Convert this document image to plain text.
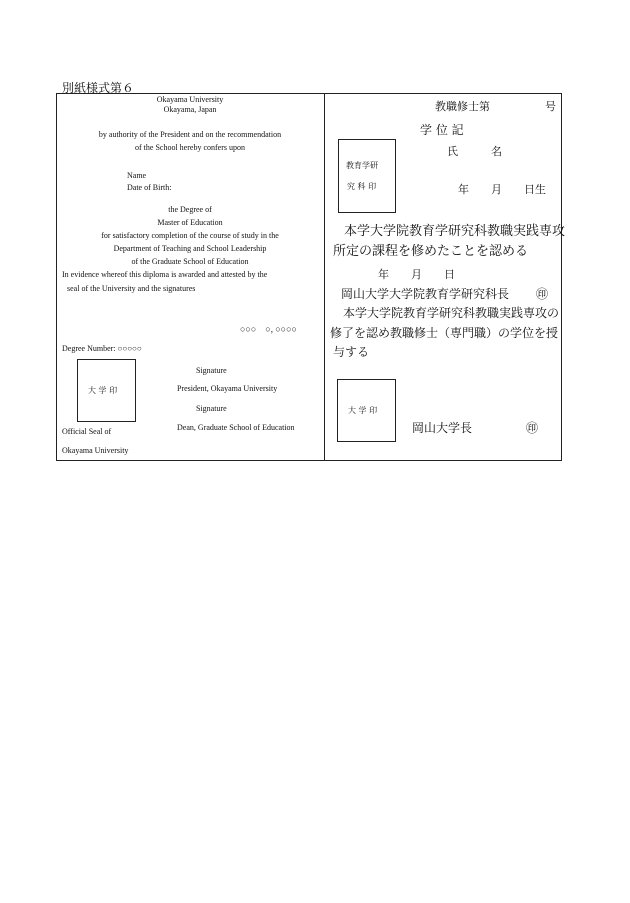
別紙様式第６
Okayama University
Okayama, Japan
by authority of the President and on the recommendation
of the School hereby confers upon
Name
Date of Birth:
the Degree of
Master of Education
for satisfactory completion of the course of study in the
Department of Teaching and School Leadership
of the Graduate School of Education
In evidence whereof this diploma is awarded and attested by the
seal of the University and the signatures
○○○　○, ○○○○
Degree Number: ○○○○○
大 学 印
Signature
President, Okayama University
Signature
Dean, Graduate School of Education
Official Seal of
Okayama University
教職修士第　　　　　号
学 位 記
氏　　　名
教育学研
究 科 印	年　　月　　日生
本学大学院教育学研究科教職実践専攻
所定の課程を修めたことを認める
年　　月　　日
岡山大学大学院教育学研究科長 ㊞
本学大学院教育学研究科教職実践専攻の
修了を認め教職修士（専門職）の学位を授
与する
大 学 印
岡山大学長	㊞
